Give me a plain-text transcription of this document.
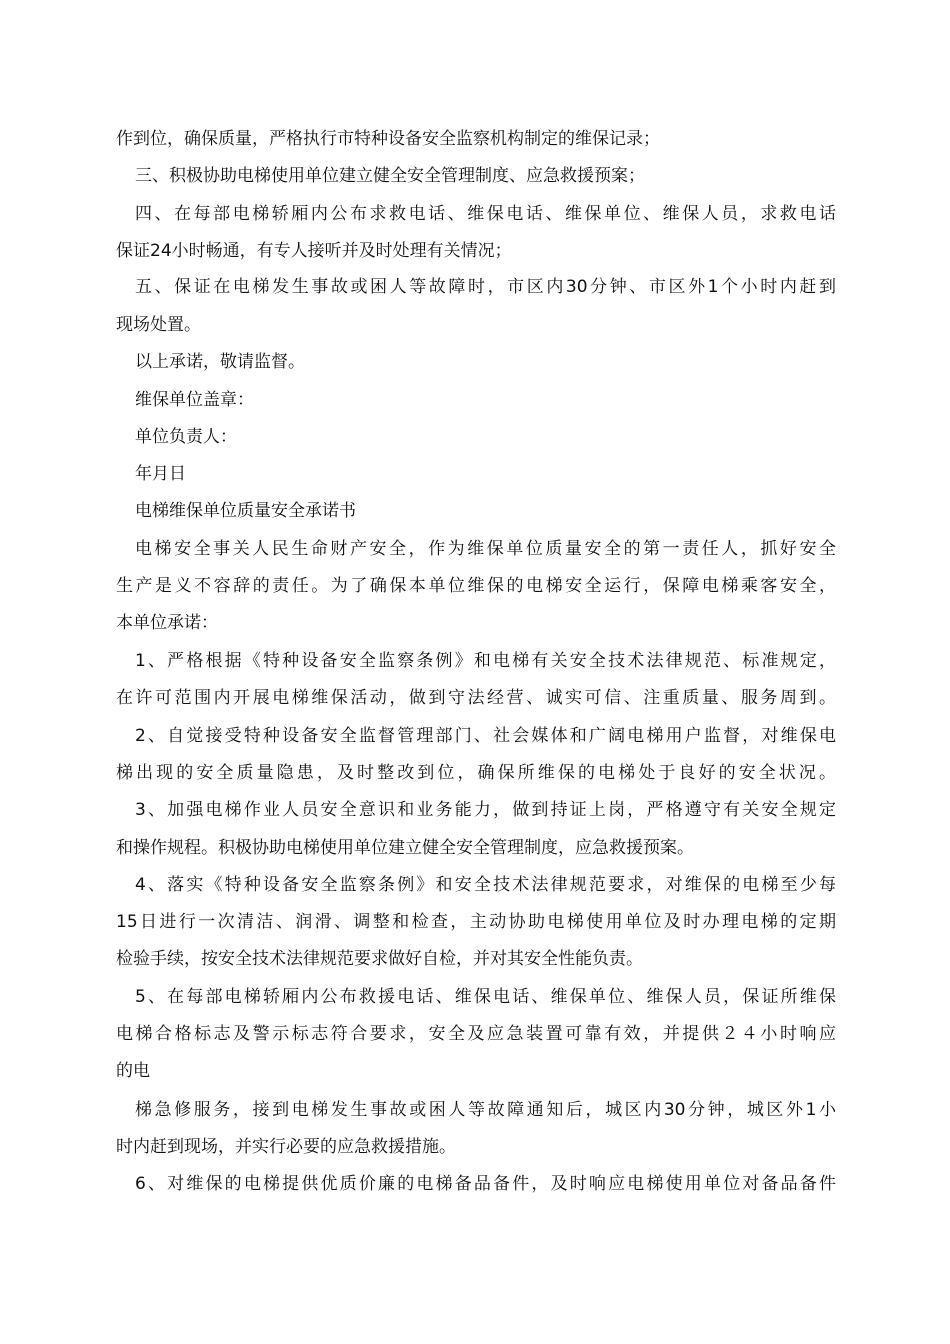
作到位，确保质量，严格执行市特种设备安全监察机构制定的维保记录；
三、积极协助电梯使用单位建立健全安全管理制度、应急救援预案；
四、在每部电梯轿厢内公布求救电话、维保电话、维保单位、维保人员，求救电话
保证24小时畅通，有专人接听并及时处理有关情况；
五、保证在电梯发生事故或困人等故障时，市区内30分钟、市区外1个小时内赶到
现场处置。
以上承诺，敬请监督。
维保单位盖章：
单位负责人：
年月日
电梯维保单位质量安全承诺书
电梯安全事关人民生命财产安全，作为维保单位质量安全的第一责任人，抓好安全
生产是义不容辞的责任。为了确保本单位维保的电梯安全运行，保障电梯乘客安全，
本单位承诺：
1、严格根据《特种设备安全监察条例》和电梯有关安全技术法律规范、标准规定，
在许可范围内开展电梯维保活动，做到守法经营、诚实可信、注重质量、服务周到。
2、自觉接受特种设备安全监督管理部门、社会媒体和广阔电梯用户监督，对维保电
梯出现的安全质量隐患，及时整改到位，确保所维保的电梯处于良好的安全状况。
3、加强电梯作业人员安全意识和业务能力，做到持证上岗，严格遵守有关安全规定
和操作规程。积极协助电梯使用单位建立健全安全管理制度，应急救援预案。
4、落实《特种设备安全监察条例》和安全技术法律规范要求，对维保的电梯至少每
15日进行一次清洁、润滑、调整和检查，主动协助电梯使用单位及时办理电梯的定期
检验手续，按安全技术法律规范要求做好自检，并对其安全性能负责。
5、在每部电梯轿厢内公布救援电话、维保电话、维保单位、维保人员，保证所维保
电梯合格标志及警示标志符合要求，安全及应急装置可靠有效，并提供２４小时响应
的电
梯急修服务，接到电梯发生事故或困人等故障通知后，城区内30分钟，城区外1小
时内赶到现场，并实行必要的应急救援措施。
6、对维保的电梯提供优质价廉的电梯备品备件，及时响应电梯使用单位对备品备件
